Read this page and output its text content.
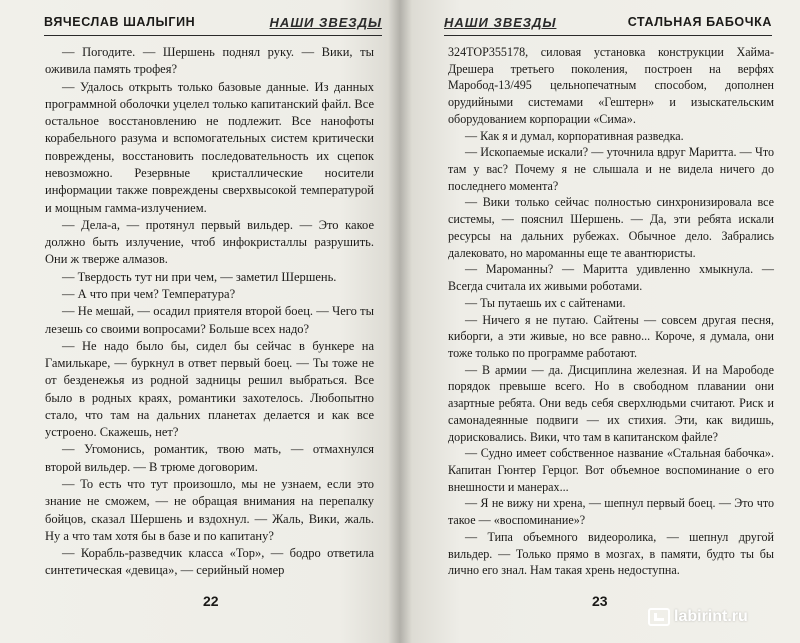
ВЯЧЕСЛАВ ШАЛЫГИН	НАШИ ЗВЕЗДЫ

— Погодите. — Шершень поднял руку. — Вики, ты оживила память трофея?

— Удалось открыть только базовые данные. Из данных программной оболочки уцелел только капитанский файл. Все остальное восстановлению не подлежит. Все нанофоты корабельного разума и вспомогательных систем критически повреждены, восстановить последовательность их сцепок невозможно. Резервные кристаллические носители информации также повреждены сверхвысокой температурой и мощным гамма-излучением.

— Дела-а, — протянул первый вильдер. — Это какое должно быть излучение, чтоб инфокристаллы разрушить. Они ж тверже алмазов.

— Твердость тут ни при чем, — заметил Шершень.

— А что при чем? Температура?

— Не мешай, — осадил приятеля второй боец. — Чего ты лезешь со своими вопросами? Больше всех надо?

— Не надо было бы, сидел бы сейчас в бункере на Гамилькаре, — буркнул в ответ первый боец. — Ты тоже не от безденежья из родной задницы решил выбраться. Все было в родных краях, романтики захотелось. Любопытно стало, что там на дальних планетах делается и как все устроено. Скажешь, нет?

— Угомонись, романтик, твою мать, — отмахнулся второй вильдер. — В трюме договорим.

— То есть что тут произошло, мы не узнаем, если это знание не сможем, — не обращая внимания на перепалку бойцов, сказал Шершень и вздохнул. — Жаль, Вики, жаль. Ну а что там хотя бы в базе и по капитану?

— Корабль-разведчик класса «Тор», — бодро ответила синтетическая «девица», — серийный номер

22
НАШИ ЗВЕЗДЫ	СТАЛЬНАЯ БАБОЧКА

324ТОР355178, силовая установка конструкции Хайма-Дрешера третьего поколения, построен на верфях Маробод-13/495 цельнопечатным способом, дополнен орудийными системами «Гештерн» и изыскательским оборудованием корпорации «Сима».

— Как я и думал, корпоративная разведка.

— Ископаемые искали? — уточнила вдруг Маритта. — Что там у вас? Почему я не слышала и не видела ничего до последнего момента?

— Вики только сейчас полностью синхронизировала все системы, — пояснил Шершень. — Да, эти ребята искали ресурсы на дальних рубежах. Обычное дело. Забрались далековато, но мароманны еще те авантюристы.

— Мароманны? — Маритта удивленно хмыкнула. — Всегда считала их живыми роботами.

— Ты путаешь их с сайтенами.

— Ничего я не путаю. Сайтены — совсем другая песня, киборги, а эти живые, но все равно... Короче, я думала, они тоже только по программе работают.

— В армии — да. Дисциплина железная. И на Марободе порядок превыше всего. Но в свободном плавании они азартные ребята. Они ведь себя сверхлюдьми считают. Риск и самонадеянные подвиги — их стихия. Эти, как видишь, дорисковались. Вики, что там в капитанском файле?

— Судно имеет собственное название «Стальная бабочка». Капитан Гюнтер Герцог. Вот объемное воспоминание о его внешности и манерах...

— Я не вижу ни хрена, — шепнул первый боец. — Это что такое — «воспоминание»?

— Типа объемного видеоролика, — шепнул другой вильдер. — Только прямо в мозгах, в памяти, будто ты бы лично его знал. Нам такая хрень недоступна.

23
labirint.ru
